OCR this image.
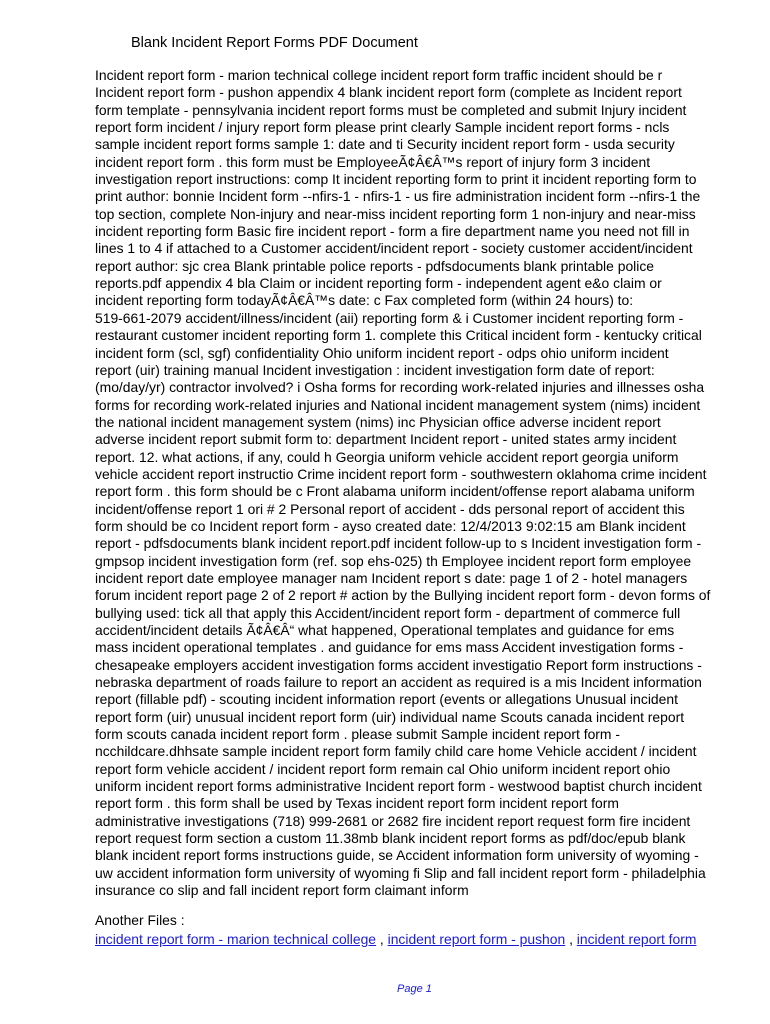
Blank Incident Report Forms PDF Document
Incident report form - marion technical college incident report form traffic incident should be r
Incident report form - pushon appendix 4 blank incident report form (complete as Incident report
form template - pennsylvania incident report forms must be completed and submit Injury incident
report form incident / injury report form please print clearly Sample incident report forms - ncls
sample incident report forms sample 1: date and ti Security incident report form - usda security
incident report form . this form must be EmployeeÃ¢Â€Â™s report of injury form 3 incident
investigation report instructions: comp It incident reporting form to print it incident reporting form to
print author: bonnie Incident form --nfirs-1 - nfirs-1 - us fire administration incident form --nfirs-1 the
top section, complete Non-injury and near-miss incident reporting form 1 non-injury and near-miss
incident reporting form Basic fire incident report - form a fire department name you need not fill in
lines 1 to 4 if attached to a Customer accident/incident report - society customer accident/incident
report author: sjc crea Blank printable police reports - pdfsdocuments blank printable police
reports.pdf appendix 4 bla Claim or incident reporting form - independent agent e&o claim or
incident reporting form todayÃ¢Â€Â™s date: c Fax completed form (within 24 hours) to:
519-661-2079 accident/illness/incident (aii) reporting form & i Customer incident reporting form -
restaurant customer incident reporting form 1. complete this Critical incident form - kentucky critical
incident form (scl, sgf) confidentiality Ohio uniform incident report - odps ohio uniform incident
report (uir) training manual Incident investigation : incident investigation form date of report:
(mo/day/yr) contractor involved? i Osha forms for recording work-related injuries and illnesses osha
forms for recording work-related injuries and National incident management system (nims) incident
the national incident management system (nims) inc Physician office adverse incident report
adverse incident report submit form to: department Incident report - united states army incident
report. 12. what actions, if any, could h Georgia uniform vehicle accident report georgia uniform
vehicle accident report instructio Crime incident report form - southwestern oklahoma crime incident
report form . this form should be c Front alabama uniform incident/offense report alabama uniform
incident/offense report 1 ori # 2 Personal report of accident - dds personal report of accident this
form should be co Incident report form - ayso created date: 12/4/2013 9:02:15 am Blank incident
report - pdfsdocuments blank incident report.pdf incident follow-up to s Incident investigation form -
gmpsop incident investigation form (ref. sop ehs-025) th Employee incident report form employee
incident report date employee manager nam Incident report s date: page 1 of 2 - hotel managers
forum incident report page 2 of 2 report # action by the Bullying incident report form - devon forms of
bullying used: tick all that apply this Accident/incident report form - department of commerce full
accident/incident details Ã¢Â€Â“ what happened, Operational templates and guidance for ems
mass incident operational templates . and guidance for ems mass Accident investigation forms -
chesapeake employers accident investigation forms accident investigatio Report form instructions -
nebraska department of roads failure to report an accident as required is a mis Incident information
report (fillable pdf) - scouting incident information report (events or allegations Unusual incident
report form (uir) unusual incident report form (uir) individual name Scouts canada incident report
form scouts canada incident report form . please submit Sample incident report form -
ncchildcare.dhhsate sample incident report form family child care home Vehicle accident / incident
report form vehicle accident / incident report form remain cal Ohio uniform incident report ohio
uniform incident report forms administrative Incident report form - westwood baptist church incident
report form . this form shall be used by Texas incident report form incident report form
administrative investigations (718) 999-2681 or 2682 fire incident report request form fire incident
report request form section a custom 11.38mb blank incident report forms as pdf/doc/epub blank
blank incident report forms instructions guide, se Accident information form university of wyoming -
uw accident information form university of wyoming fi Slip and fall incident report form - philadelphia
insurance co slip and fall incident report form claimant inform
Another Files :
incident report form - marion technical college , incident report form - pushon , incident report form
Page 1
